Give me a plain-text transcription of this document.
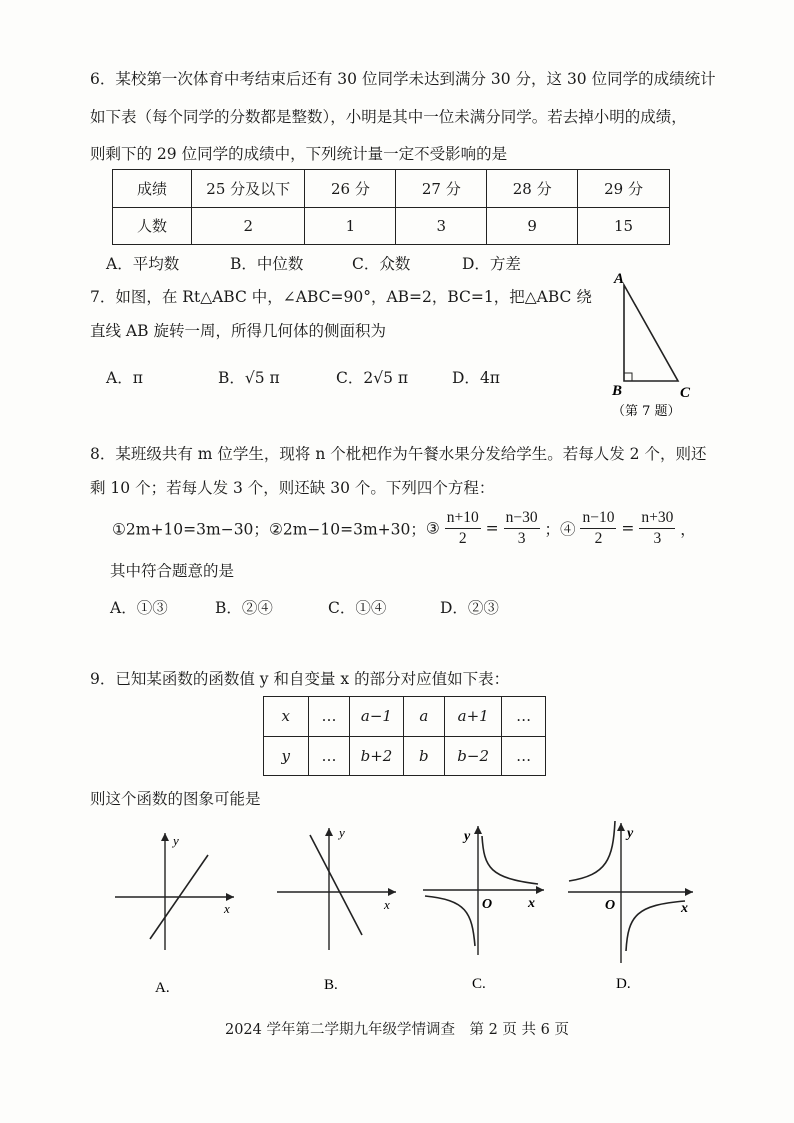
6．某校第一次体育中考结束后还有 30 位同学未达到满分 30 分，这 30 位同学的成绩统计
如下表（每个同学的分数都是整数），小明是其中一位未满分同学。若去掉小明的成绩，
则剩下的 29 位同学的成绩中，下列统计量一定不受影响的是
成绩	25 分及以下	26 分	27 分	28 分	29 分
人数	2	1	3	9	15
A．平均数	B．中位数	C．众数	D．方差
7．如图，在 Rt△ABC 中，∠ABC=90°，AB=2，BC=1，把△ABC 绕
直线 AB 旋转一周，所得几何体的侧面积为
A．π	B．√5 π	C．2√5 π	D．4π
A
B	C
（第 7 题）
8．某班级共有 m 位学生，现将 n 个枇杷作为午餐水果分发给学生。若每人发 2 个，则还
剩 10 个；若每人发 3 个，则还缺 30 个。下列四个方程：
①2m+10=3m−30；②2m−10=3m+30；③ $\frac{n+10}{2} = \frac{n-30}{3}$ ；④ $\frac{n-10}{2} = \frac{n+30}{3}$ ，
其中符合题意的是
A．①③	B．②④	C．①④	D．②③
9．已知某函数的函数值 y 和自变量 x 的部分对应值如下表：
x	…	a−1	a	a+1	…
y	…	b+2	b	b−2	…
则这个函数的图象可能是
y
x
A.
y
x
B.
y
x
O
C.
y
x
O
D.
2024 学年第二学期九年级学情调查　第 2 页 共 6 页
